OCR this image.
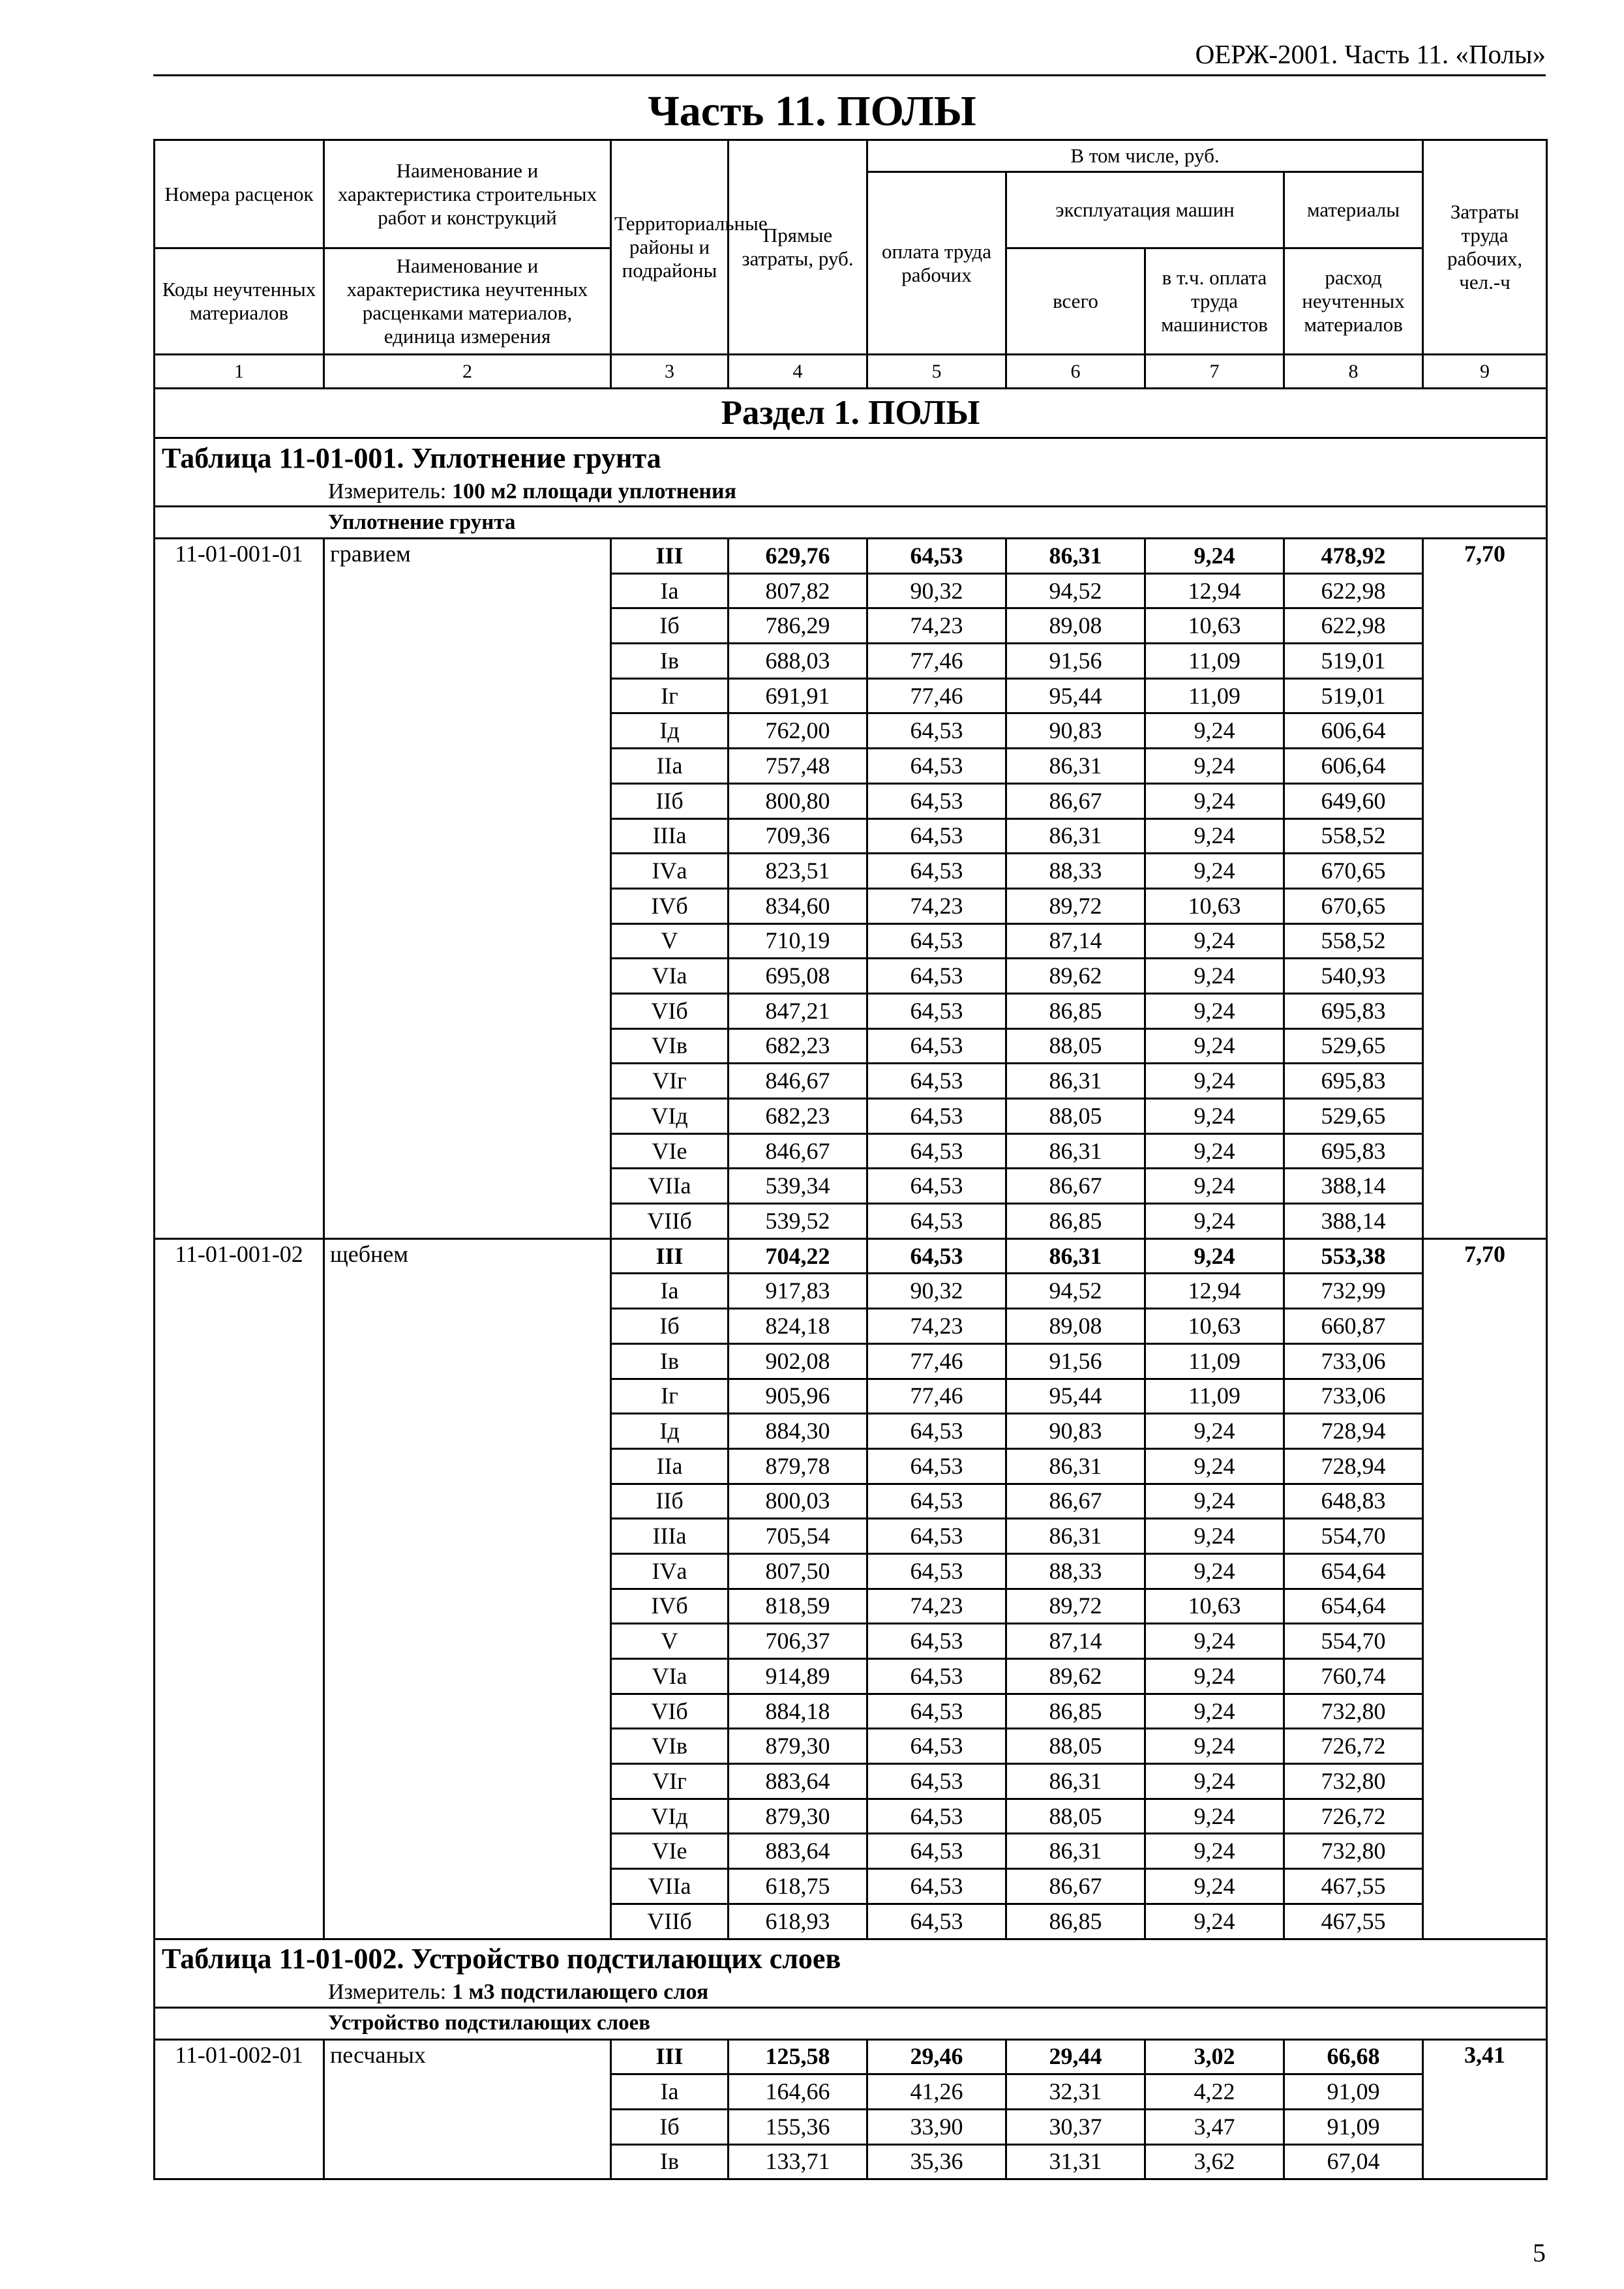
ОЕРЖ-2001. Часть 11. «Полы»
Часть 11. ПОЛЫ
Номера расценок	Наименование и характеристика строительных работ и конструкций	Территориальные районы и подрайоны	Прямые затраты, руб.	В том числе, руб.				Затраты труда рабочих, чел.-ч
				оплата труда рабочих	эксплуатация машин		материалы	
Коды неучтенных материалов	Наименование и характеристика неучтенных расценками материалов, единица измерения				всего	в т.ч. оплата труда машинистов	расход неучтенных материалов	
1	2	3	4	5	6	7	8	9
Раздел 1. ПОЛЫ								
Таблица 11-01-001. Уплотнение грунта								
Измеритель: 100 м2 площади уплотнения								
Уплотнение грунта								
11-01-001-01	гравием	III	629,76	64,53	86,31	9,24	478,92	7,70
		Iа	807,82	90,32	94,52	12,94	622,98	
		Iб	786,29	74,23	89,08	10,63	622,98	
		Iв	688,03	77,46	91,56	11,09	519,01	
		Iг	691,91	77,46	95,44	11,09	519,01	
		Iд	762,00	64,53	90,83	9,24	606,64	
		IIа	757,48	64,53	86,31	9,24	606,64	
		IIб	800,80	64,53	86,67	9,24	649,60	
		IIIа	709,36	64,53	86,31	9,24	558,52	
		IVа	823,51	64,53	88,33	9,24	670,65	
		IVб	834,60	74,23	89,72	10,63	670,65	
		V	710,19	64,53	87,14	9,24	558,52	
		VIа	695,08	64,53	89,62	9,24	540,93	
		VIб	847,21	64,53	86,85	9,24	695,83	
		VIв	682,23	64,53	88,05	9,24	529,65	
		VIг	846,67	64,53	86,31	9,24	695,83	
		VIд	682,23	64,53	88,05	9,24	529,65	
		VIе	846,67	64,53	86,31	9,24	695,83	
		VIIа	539,34	64,53	86,67	9,24	388,14	
		VIIб	539,52	64,53	86,85	9,24	388,14	
11-01-001-02	щебнем	III	704,22	64,53	86,31	9,24	553,38	7,70
		Iа	917,83	90,32	94,52	12,94	732,99	
		Iб	824,18	74,23	89,08	10,63	660,87	
		Iв	902,08	77,46	91,56	11,09	733,06	
		Iг	905,96	77,46	95,44	11,09	733,06	
		Iд	884,30	64,53	90,83	9,24	728,94	
		IIа	879,78	64,53	86,31	9,24	728,94	
		IIб	800,03	64,53	86,67	9,24	648,83	
		IIIа	705,54	64,53	86,31	9,24	554,70	
		IVа	807,50	64,53	88,33	9,24	654,64	
		IVб	818,59	74,23	89,72	10,63	654,64	
		V	706,37	64,53	87,14	9,24	554,70	
		VIа	914,89	64,53	89,62	9,24	760,74	
		VIб	884,18	64,53	86,85	9,24	732,80	
		VIв	879,30	64,53	88,05	9,24	726,72	
		VIг	883,64	64,53	86,31	9,24	732,80	
		VIд	879,30	64,53	88,05	9,24	726,72	
		VIе	883,64	64,53	86,31	9,24	732,80	
		VIIа	618,75	64,53	86,67	9,24	467,55	
		VIIб	618,93	64,53	86,85	9,24	467,55	
Таблица 11-01-002. Устройство подстилающих слоев								
Измеритель: 1 м3 подстилающего слоя								
Устройство подстилающих слоев								
11-01-002-01	песчаных	III	125,58	29,46	29,44	3,02	66,68	3,41
		Iа	164,66	41,26	32,31	4,22	91,09	
		Iб	155,36	33,90	30,37	3,47	91,09	
		Iв	133,71	35,36	31,31	3,62	67,04	
5
